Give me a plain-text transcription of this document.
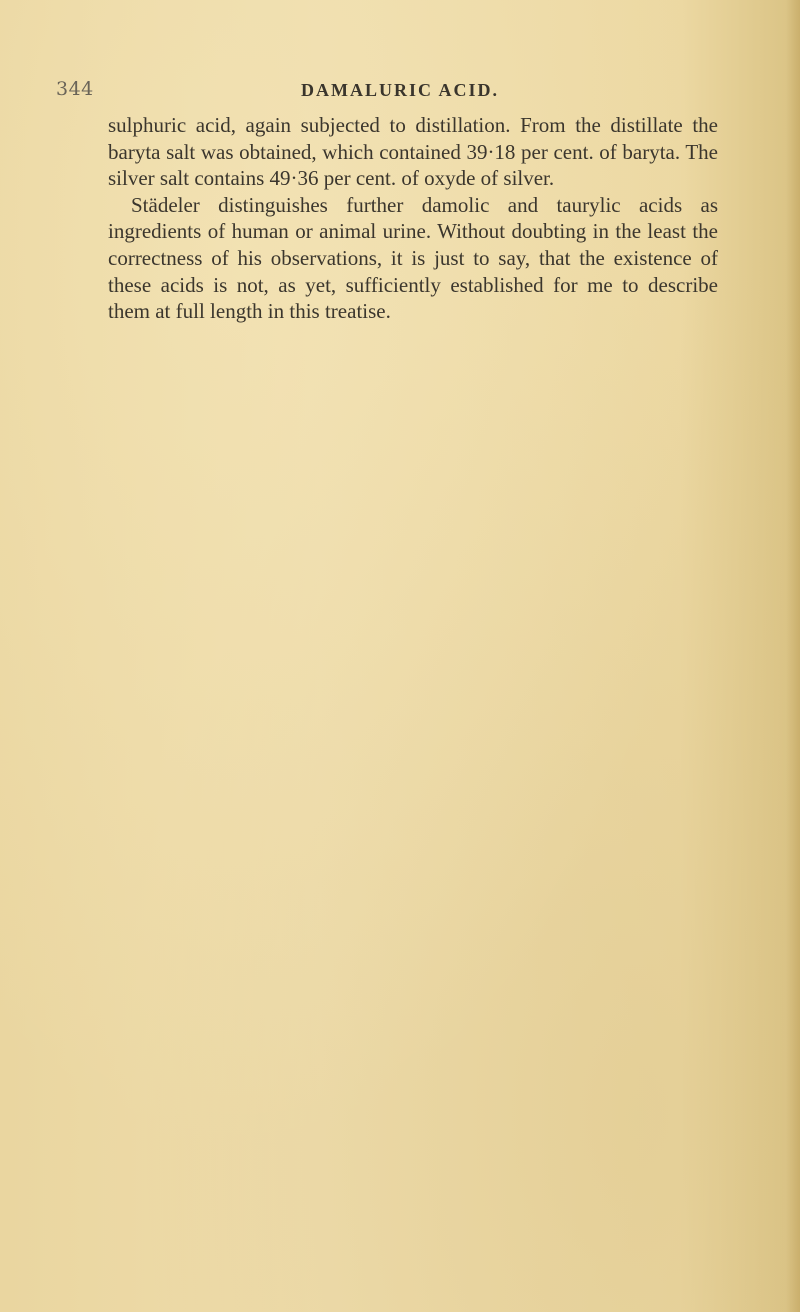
344	DAMALURIC ACID.

sulphuric acid, again subjected to distillation. From the distillate the baryta salt was obtained, which contained 39·18 per cent. of baryta. The silver salt contains 49·36 per cent. of oxyde of silver.

Städeler distinguishes further damolic and taurylic acids as ingredients of human or animal urine. Without doubting in the least the correctness of his observations, it is just to say, that the existence of these acids is not, as yet, sufficiently established for me to describe them at full length in this treatise.
